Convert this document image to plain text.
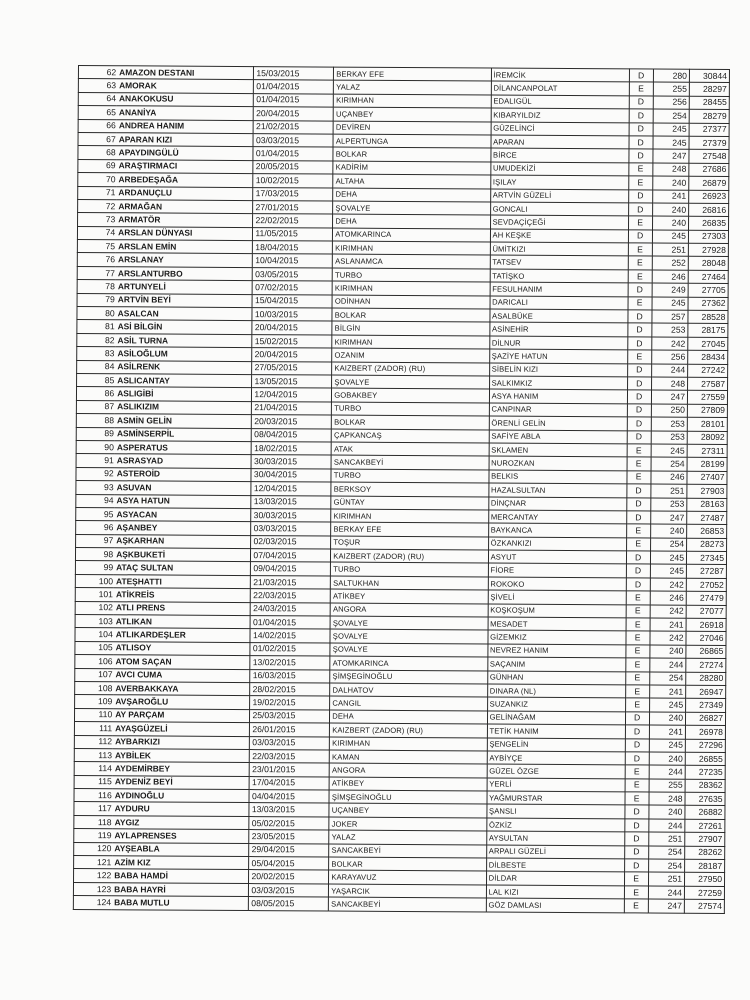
62	AMAZON DESTANI	15/03/2015	BERKAY EFE	İREMCİK	D	280	30844
63	AMORAK	01/04/2015	YALAZ	DİLANCANPOLAT	E	255	28297
64	ANAKOKUSU	01/04/2015	KIRIMHAN	EDALIGÜL	D	256	28455
65	ANANİYA	20/04/2015	UÇANBEY	KIBARYILDIZ	D	254	28279
66	ANDREA HANIM	21/02/2015	DEVİREN	GÜZELİNCİ	D	245	27377
67	APARAN KIZI	03/03/2015	ALPERTUNGA	APARAN	D	245	27379
68	APAYDINGÜLÜ	01/04/2015	BOLKAR	BİRCE	D	247	27548
69	ARAŞTIRMACI	20/05/2015	KADİRİM	UMUDEKİZİ	E	248	27686
70	ARBEDEŞAĞA	10/02/2015	ALTAHA	IŞILAY	E	240	26879
71	ARDANUÇLU	17/03/2015	DEHA	ARTVİN GÜZELİ	D	241	26923
72	ARMAĞAN	27/01/2015	ŞOVALYE	GONCALI	D	240	26816
73	ARMATÖR	22/02/2015	DEHA	SEVDAÇİÇEĞİ	E	240	26835
74	ARSLAN DÜNYASI	11/05/2015	ATOMKARINCA	AH KEŞKE	D	245	27303
75	ARSLAN EMİN	18/04/2015	KIRIMHAN	ÜMİTKIZI	E	251	27928
76	ARSLANAY	10/04/2015	ASLANAMCA	TATSEV	E	252	28048
77	ARSLANTURBO	03/05/2015	TURBO	TATİŞKO	E	246	27464
78	ARTUNYELİ	07/02/2015	KIRIMHAN	FESULHANIM	D	249	27705
79	ARTVİN BEYİ	15/04/2015	ODİNHAN	DARICALI	E	245	27362
80	ASALCAN	10/03/2015	BOLKAR	ASALBÜKE	D	257	28528
81	ASİ BİLGİN	20/04/2015	BİLGİN	ASİNEHİR	D	253	28175
82	ASİL TURNA	15/02/2015	KIRIMHAN	DİLNUR	D	242	27045
83	ASİLOĞLUM	20/04/2015	OZANIM	ŞAZİYE HATUN	E	256	28434
84	ASİLRENK	27/05/2015	KAIZBERT (ZADOR) (RU)	SİBELİN KIZI	D	244	27242
85	ASLICANTAY	13/05/2015	ŞOVALYE	SALKIMKIZ	D	248	27587
86	ASLIGİBİ	12/04/2015	GOBAKBEY	ASYA HANIM	D	247	27559
87	ASLIKIZIM	21/04/2015	TURBO	CANPINAR	D	250	27809
88	ASMİN GELİN	20/03/2015	BOLKAR	ÖRENLİ GELİN	D	253	28101
89	ASMİNSERPİL	08/04/2015	ÇAPKANCAŞ	SAFİYE ABLA	D	253	28092
90	ASPERATUS	18/02/2015	ATAK	SKLAMEN	E	245	27311
91	ASRASYAD	30/03/2015	SANCAKBEYİ	NUROZKAN	E	254	28199
92	ASTEROİD	30/04/2015	TURBO	BELKIS	E	246	27407
93	ASUVAN	12/04/2015	BERKSOY	HAZALSULTAN	D	251	27903
94	ASYA HATUN	13/03/2015	GÜNTAY	DİNÇNAR	D	253	28163
95	ASYACAN	30/03/2015	KIRIMHAN	MERCANTAY	D	247	27487
96	AŞANBEY	03/03/2015	BERKAY EFE	BAYKANCA	E	240	26853
97	AŞKARHAN	02/03/2015	TOŞUR	ÖZKANKIZI	E	254	28273
98	AŞKBUKETİ	07/04/2015	KAIZBERT (ZADOR) (RU)	ASYUT	D	245	27345
99	ATAÇ SULTAN	09/04/2015	TURBO	FİORE	D	245	27287
100	ATEŞHATTI	21/03/2015	SALTUKHAN	ROKOKO	D	242	27052
101	ATİKREİS	22/03/2015	ATİKBEY	ŞİVELİ	E	246	27479
102	ATLI PRENS	24/03/2015	ANGORA	KOŞKOŞUM	E	242	27077
103	ATLIKAN	01/04/2015	ŞOVALYE	MESADET	E	241	26918
104	ATLIKARDEŞLER	14/02/2015	ŞOVALYE	GİZEMKIZ	E	242	27046
105	ATLISOY	01/02/2015	ŞOVALYE	NEVREZ HANIM	E	240	26865
106	ATOM SAÇAN	13/02/2015	ATOMKARINCA	SAÇANIM	E	244	27274
107	AVCI CUMA	16/03/2015	ŞİMŞEGİNOĞLU	GÜNHAN	E	254	28280
108	AVERBAKKAYA	28/02/2015	DALHATOV	DINARA (NL)	E	241	26947
109	AVŞAROĞLU	19/02/2015	CANGIL	SUZANKIZ	E	245	27349
110	AY PARÇAM	25/03/2015	DEHA	GELİNAĞAM	D	240	26827
111	AYAŞGÜZELİ	26/01/2015	KAIZBERT (ZADOR) (RU)	TETİK HANIM	D	241	26978
112	AYBARKIZI	03/03/2015	KIRIMHAN	ŞENGELİN	D	245	27296
113	AYBİLEK	22/03/2015	KAMAN	AYBİYÇE	D	240	26855
114	AYDEMİRBEY	23/01/2015	ANGORA	GÜZEL ÖZGE	E	244	27235
115	AYDENİZ BEYİ	17/04/2015	ATİKBEY	YERLİ	E	255	28362
116	AYDINOĞLU	04/04/2015	ŞİMŞEGİNOĞLU	YAĞMURSTAR	E	248	27635
117	AYDURU	13/03/2015	UÇANBEY	ŞANSLI	D	240	26882
118	AYGIZ	05/02/2015	JOKER	ÖZKİZ	D	244	27261
119	AYLAPRENSES	23/05/2015	YALAZ	AYSULTAN	D	251	27907
120	AYŞEABLA	29/04/2015	SANCAKBEYİ	ARPALI GÜZELİ	D	254	28262
121	AZİM KIZ	05/04/2015	BOLKAR	DİLBESTE	D	254	28187
122	BABA HAMDİ	20/02/2015	KARAYAVUZ	DİLDAR	E	251	27950
123	BABA HAYRİ	03/03/2015	YAŞARCIK	LAL KIZI	E	244	27259
124	BABA MUTLU	08/05/2015	SANCAKBEYİ	GÖZ DAMLASI	E	247	27574
